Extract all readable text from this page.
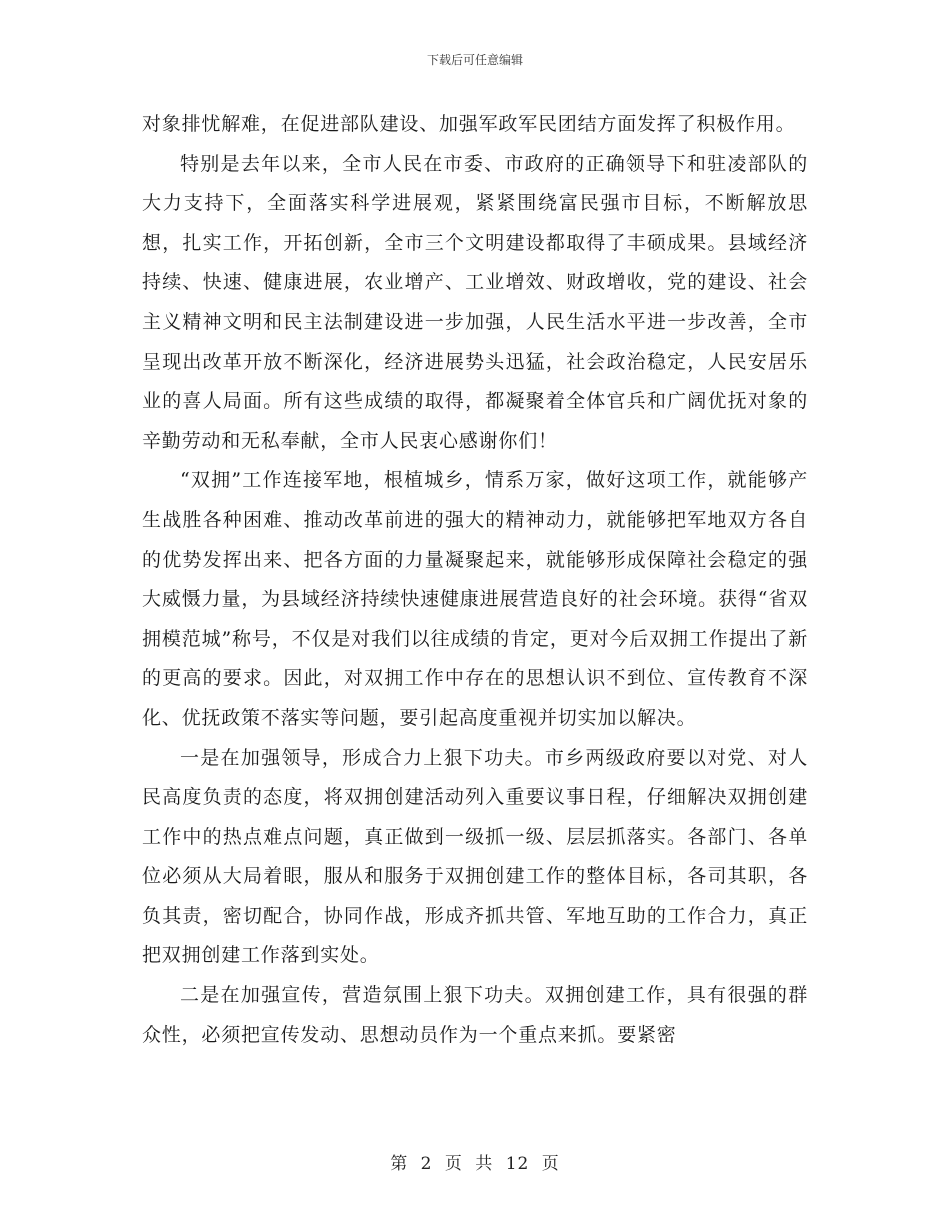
下载后可任意编辑

对象排忧解难，在促进部队建设、加强军政军民团结方面发挥了积极作用。

特别是去年以来，全市人民在市委、市政府的正确领导下和驻凌部队的大力支持下，全面落实科学进展观，紧紧围绕富民强市目标，不断解放思想，扎实工作，开拓创新，全市三个文明建设都取得了丰硕成果。县域经济持续、快速、健康进展，农业增产、工业增效、财政增收，党的建设、社会主义精神文明和民主法制建设进一步加强，人民生活水平进一步改善，全市呈现出改革开放不断深化，经济进展势头迅猛，社会政治稳定，人民安居乐业的喜人局面。所有这些成绩的取得，都凝聚着全体官兵和广阔优抚对象的辛勤劳动和无私奉献，全市人民衷心感谢你们！

“双拥”工作连接军地，根植城乡，情系万家，做好这项工作，就能够产生战胜各种困难、推动改革前进的强大的精神动力，就能够把军地双方各自的优势发挥出来、把各方面的力量凝聚起来，就能够形成保障社会稳定的强大威慑力量，为县域经济持续快速健康进展营造良好的社会环境。获得“省双拥模范城”称号，不仅是对我们以往成绩的肯定，更对今后双拥工作提出了新的更高的要求。因此，对双拥工作中存在的思想认识不到位、宣传教育不深化、优抚政策不落实等问题，要引起高度重视并切实加以解决。

一是在加强领导，形成合力上狠下功夫。市乡两级政府要以对党、对人民高度负责的态度，将双拥创建活动列入重要议事日程，仔细解决双拥创建工作中的热点难点问题，真正做到一级抓一级、层层抓落实。各部门、各单位必须从大局着眼，服从和服务于双拥创建工作的整体目标，各司其职，各负其责，密切配合，协同作战，形成齐抓共管、军地互助的工作合力，真正把双拥创建工作落到实处。

二是在加强宣传，营造氛围上狠下功夫。双拥创建工作，具有很强的群众性，必须把宣传发动、思想动员作为一个重点来抓。要紧密

第 2 页 共 12 页
